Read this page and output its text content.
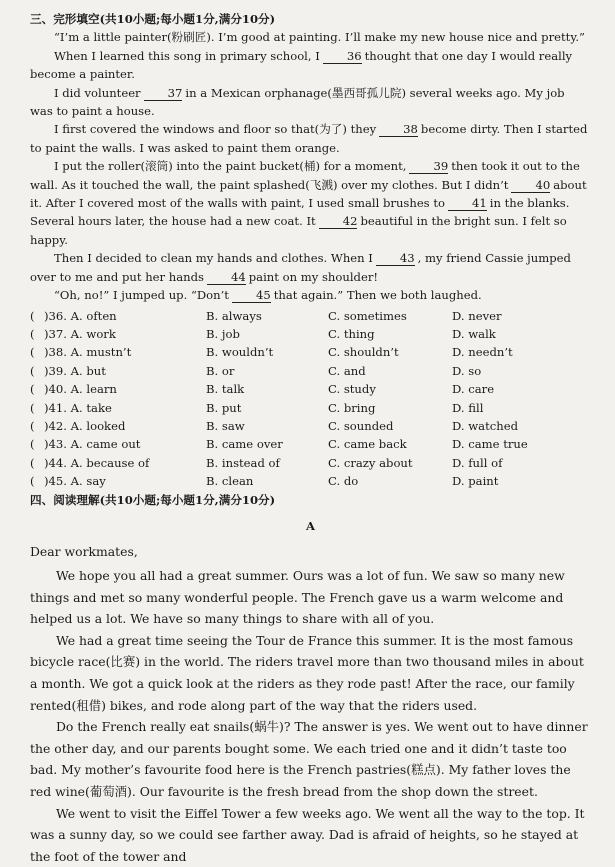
三、完形填空(共10小题;每小题1分,满分10分)

“I’m a little painter(粉刷匠). I’m good at painting. I’ll make my new house nice and pretty.”

When I learned this song in primary school, I 36 thought that one day I would really become a painter.

I did volunteer 37 in a Mexican orphanage(墨西哥孤儿院) several weeks ago. My job was to paint a house.

I first covered the windows and floor so that(为了) they 38 become dirty. Then I started to paint the walls. I was asked to paint them orange.

I put the roller(滚筒) into the paint bucket(桶) for a moment, 39 then took it out to the wall. As it touched the wall, the paint splashed(飞溅) over my clothes. But I didn’t 40 about it. After I covered most of the walls with paint, I used small brushes to 41 in the blanks. Several hours later, the house had a new coat. It 42 beautiful in the bright sun. I felt so happy.

Then I decided to clean my hands and clothes. When I 43 , my friend Cassie jumped over to me and put her hands 44 paint on my shoulder!

“Oh, no!” I jumped up. “Don’t 45 that again.” Then we both laughed.

(	)36. A. often	B. always	C. sometimes	D. never
(	)37. A. work	B. job	C. thing	D. walk
(	)38. A. mustn’t	B. wouldn’t	C. shouldn’t	D. needn’t
(	)39. A. but	B. or	C. and	D. so
(	)40. A. learn	B. talk	C. study	D. care
(	)41. A. take	B. put	C. bring	D. fill
(	)42. A. looked	B. saw	C. sounded	D. watched
(	)43. A. came out	B. came over	C. came back	D. came true
(	)44. A. because of	B. instead of	C. crazy about	D. full of
(	)45. A. say	B. clean	C. do	D. paint
四、阅读理解(共10小题;每小题1分,满分10分)
A

Dear workmates,

We hope you all had a great summer. Ours was a lot of fun. We saw so many new things and met so many wonderful people. The French gave us a warm welcome and helped us a lot. We have so many things to share with all of you.

We had a great time seeing the Tour de France this summer. It is the most famous bicycle race(比赛) in the world. The riders travel more than two thousand miles in about a month. We got a quick look at the riders as they rode past! After the race, our family rented(租借) bikes, and rode along part of the way that the riders used.

Do the French really eat snails(蜗牛)? The answer is yes. We went out to have dinner the other day, and our parents bought some. We each tried one and it didn’t taste too bad. My mother’s favourite food here is the French pastries(糕点). My father loves the red wine(葡萄酒). Our favourite is the fresh bread from the shop down the street.

We went to visit the Eiffel Tower a few weeks ago. We went all the way to the top. It was a sunny day, so we could see farther away. Dad is afraid of heights, so he stayed at the foot of the tower and
